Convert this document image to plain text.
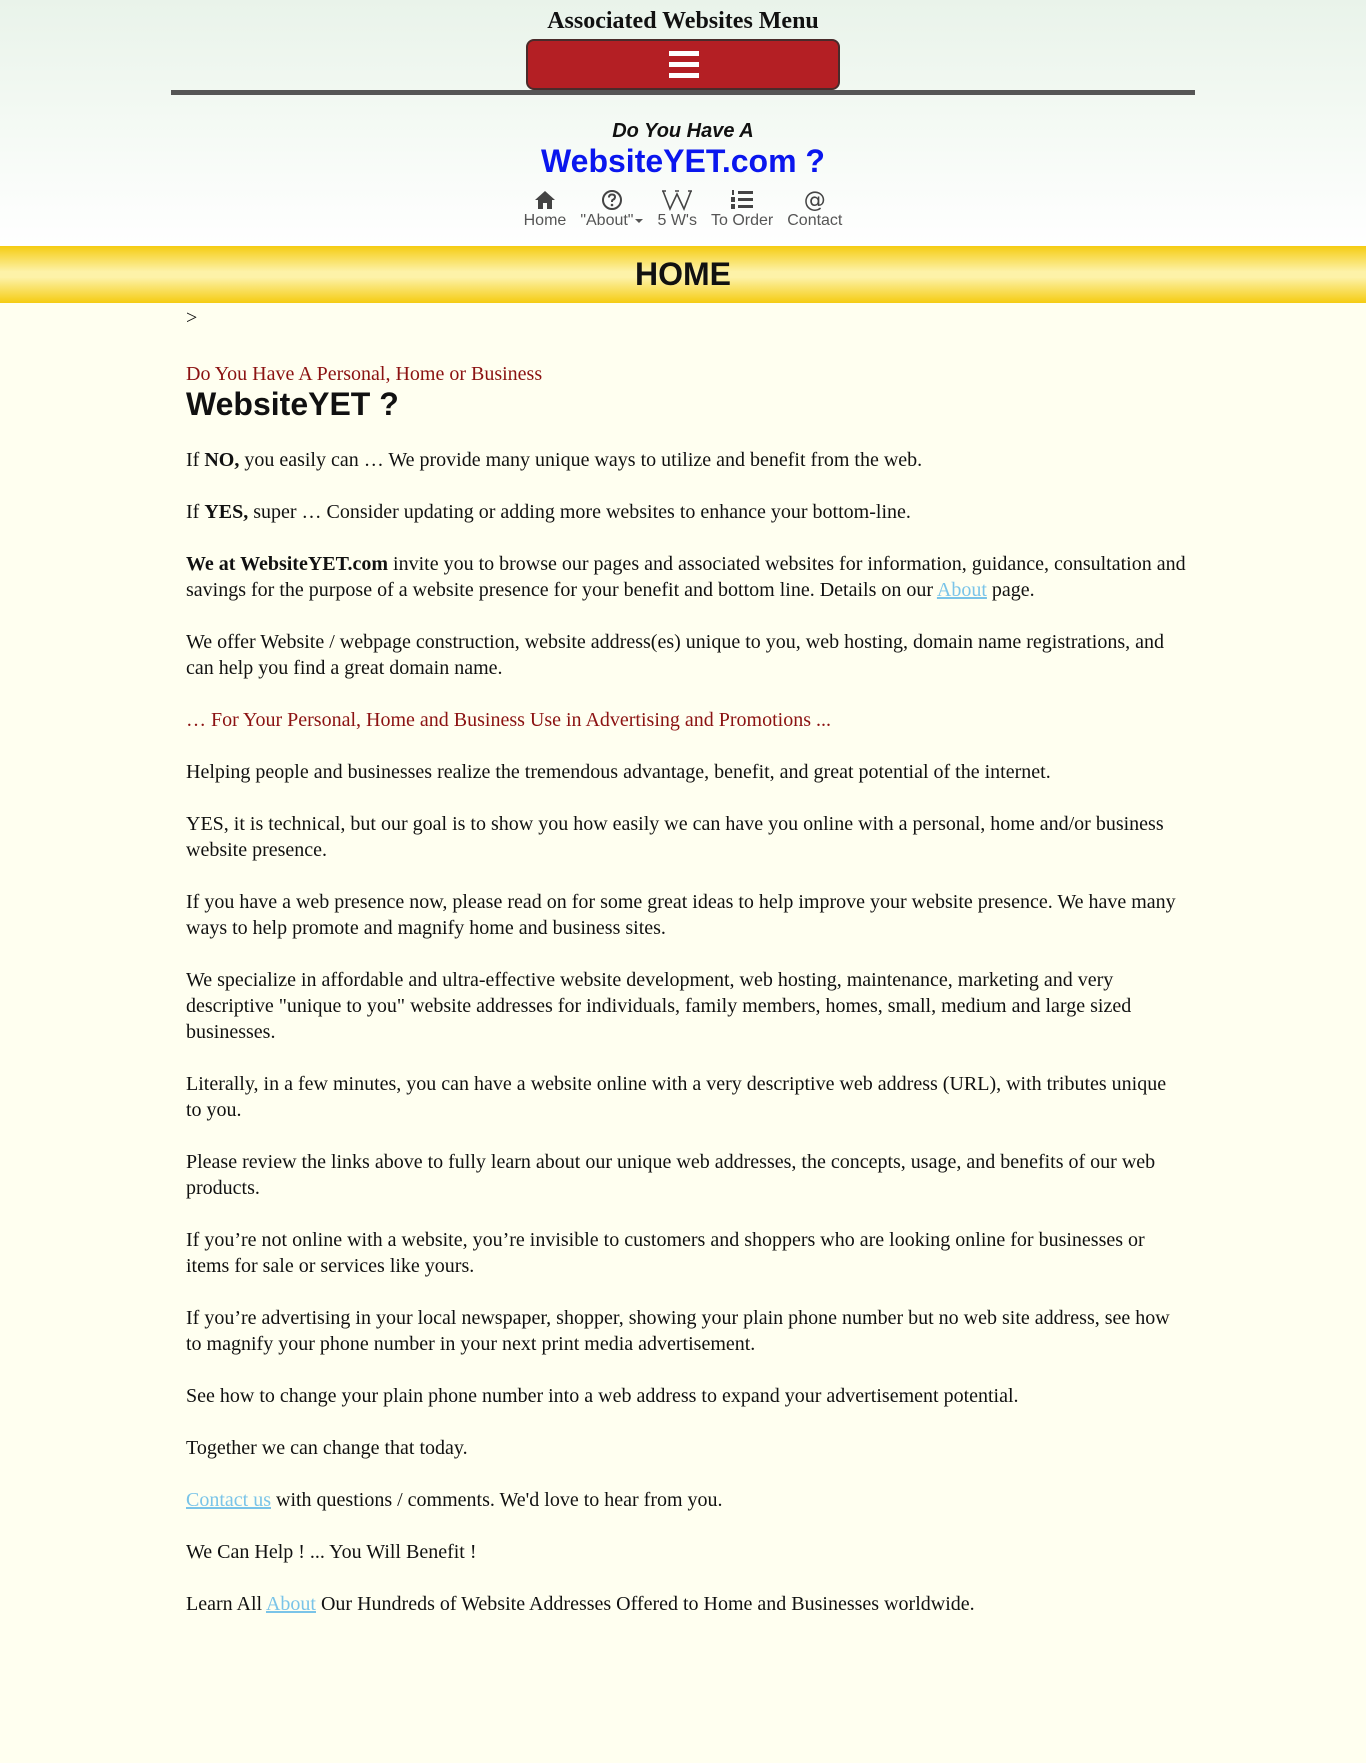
Associated Websites Menu
Do You Have A
WebsiteYET.com ?
Home "About"	5 W's To Order
@
Contact
HOME
>
Do You Have A Personal, Home or Business
WebsiteYET ?

If NO, you easily can … We provide many unique ways to utilize and benefit from the web.

If YES, super … Consider updating or adding more websites to enhance your bottom-line.

We at WebsiteYET.com invite you to browse our pages and associated websites for information, guidance, consultation and savings for the purpose of a website presence for your benefit and bottom line. Details on our About page.

We offer Website / webpage construction, website address(es) unique to you, web hosting, domain name registrations, and can help you find a great domain name.

… For Your Personal, Home and Business Use in Advertising and Promotions ...

Helping people and businesses realize the tremendous advantage, benefit, and great potential of the internet.

YES, it is technical, but our goal is to show you how easily we can have you online with a personal, home and/or business website presence.

If you have a web presence now, please read on for some great ideas to help improve your website presence. We have many ways to help promote and magnify home and business sites.

We specialize in affordable and ultra-effective website development, web hosting, maintenance, marketing and very descriptive "unique to you" website addresses for individuals, family members, homes, small, medium and large sized businesses.

Literally, in a few minutes, you can have a website online with a very descriptive web address (URL), with tributes unique to you.

Please review the links above to fully learn about our unique web addresses, the concepts, usage, and benefits of our web products.

If you’re not online with a website, you’re invisible to customers and shoppers who are looking online for businesses or items for sale or services like yours.

If you’re advertising in your local newspaper, shopper, showing your plain phone number but no web site address, see how to magnify your phone number in your next print media advertisement.

See how to change your plain phone number into a web address to expand your advertisement potential.

Together we can change that today.

Contact us with questions / comments. We'd love to hear from you.

We Can Help ! ... You Will Benefit !

Learn All About Our Hundreds of Website Addresses Offered to Home and Businesses worldwide.
